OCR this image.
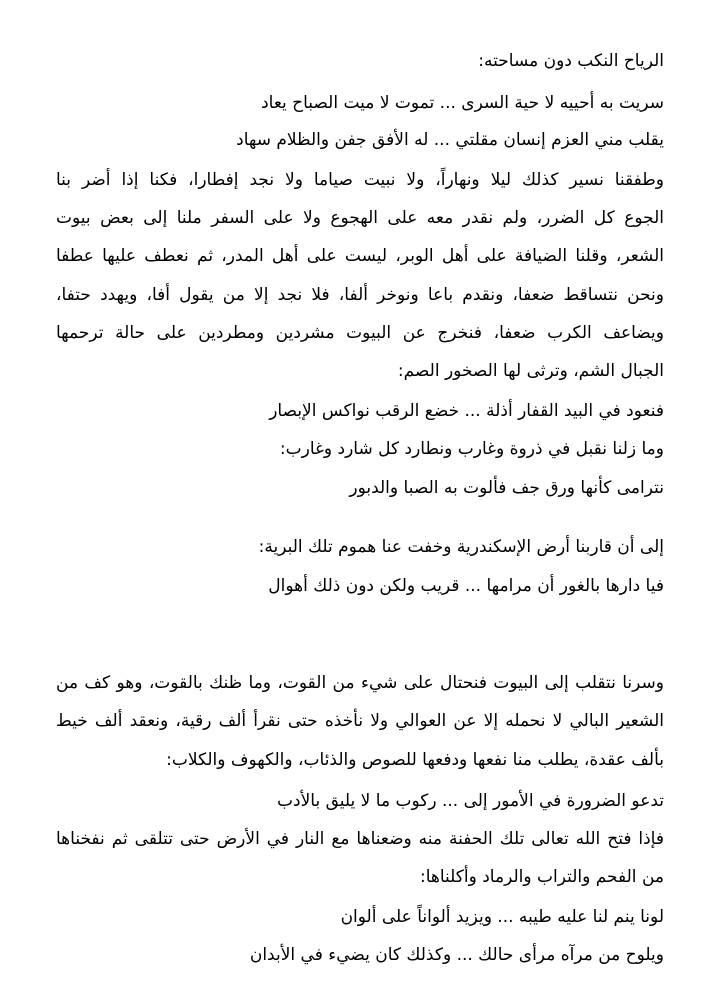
الرياح النكب دون مساحته:
سريت به أحييه لا حية السرى ... تموت لا ميت الصباح يعاد
يقلب مني العزم إنسان مقلتي ... له الأفق جفن والظلام سهاد
وطفقنا نسير كذلك ليلا ونهاراً، ولا نبيت صياما ولا نجد إفطارا، فكنا إذا أضر بنا
الجوع كل الضرر، ولم نقدر معه على الهجوع ولا على السفر ملنا إلى بعض بيوت
الشعر، وقلنا الضيافة على أهل الوبر، ليست على أهل المدر، ثم نعطف عليها عطفا
ونحن نتساقط ضعفا، ونقدم باعا ونوخر ألفا، فلا نجد إلا من يقول أفا، ويهدد حتفا،
ويضاعف الكرب ضعفا، فنخرج عن البيوت مشردين ومطردين على حالة ترحمها
الجبال الشم، وترثى لها الصخور الصم:
فنعود في البيد القفار أذلة ... خضع الرقب نواكس الإبصار
وما زلنا نقبل في ذروة وغارب ونطارد كل شارد وغارب:
نترامى كأنها ورق جف فألوت به الصبا والدبور
إلى أن قاربنا أرض الإسكندرية وخفت عنا هموم تلك البرية:
فيا دارها بالغور أن مرامها ... قريب ولكن دون ذلك أهوال
وسرنا نتقلب إلى البيوت فنحتال على شيء من القوت، وما ظنك بالقوت، وهو كف من
الشعير البالي لا نحمله إلا عن العوالي ولا نأخذه حتى نقرأ ألف رقية، ونعقد ألف خيط
بألف عقدة، يطلب منا نفعها ودفعها للصوص والذئاب، والكهوف والكلاب:
تدعو الضرورة في الأمور إلى ... ركوب ما لا يليق بالأدب
فإذا فتح الله تعالى تلك الحفنة منه وضعناها مع النار في الأرض حتى تتلقى ثم نفخناها
من الفحم والتراب والرماد وأكلناها:
لونا ينم لنا عليه طيبه ... ويزيد ألواناً على ألوان
ويلوح من مرآه مرأى حالك ... وكذلك كان يضيء في الأبدان
